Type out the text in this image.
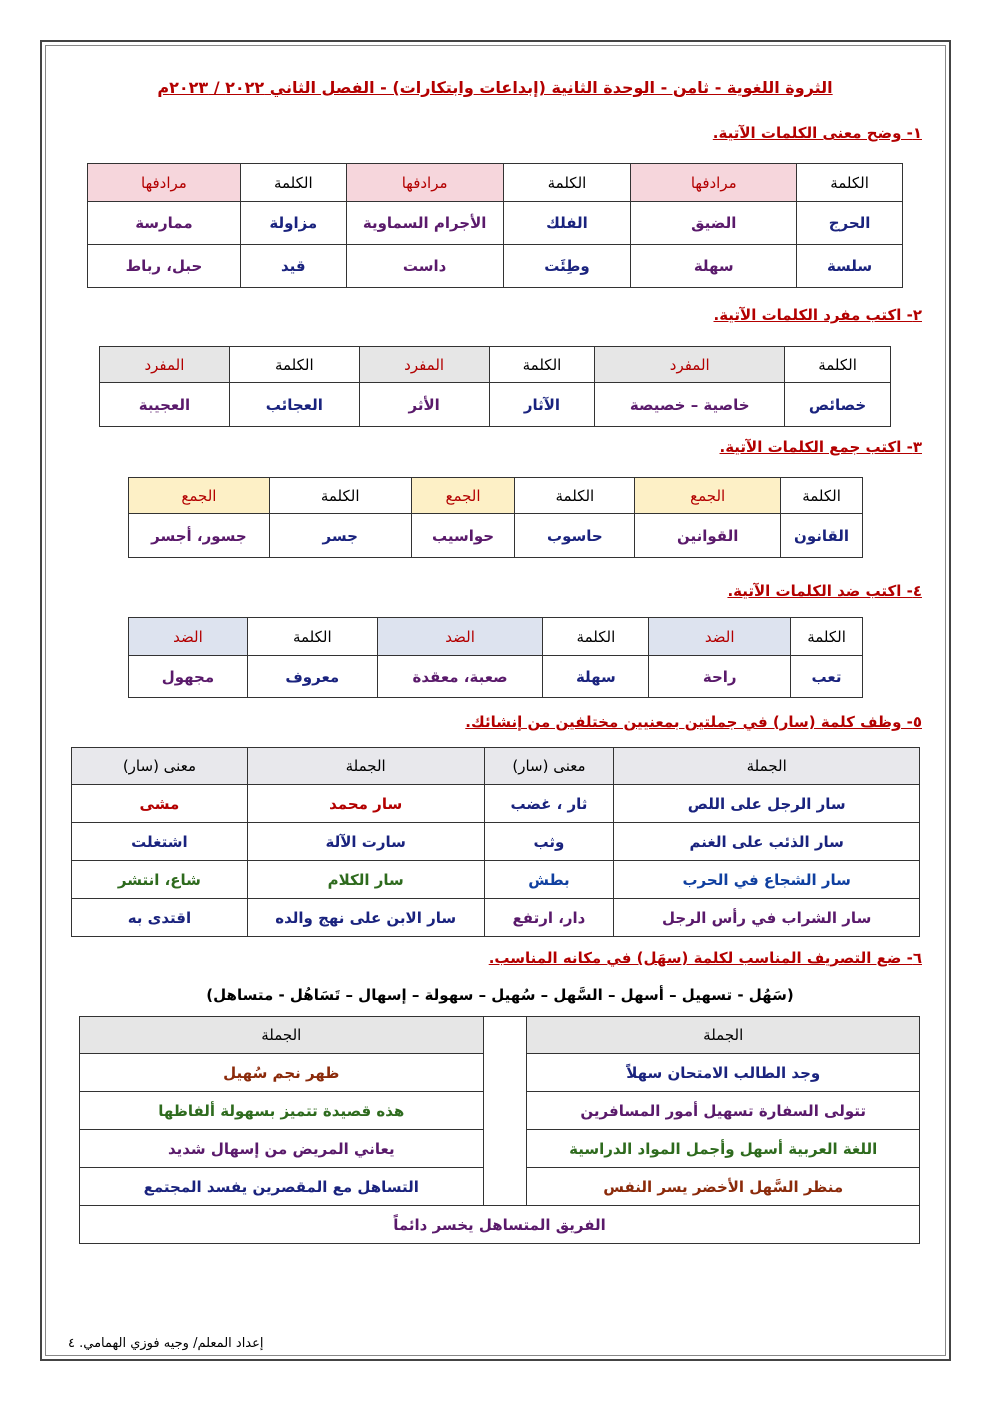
الثروة اللغوية - ثامن - الوحدة الثانية (إبداعات وابتكارات) - الفصل الثاني ٢٠٢٢ / ٢٠٢٣م
١- وضح معنى الكلمات الآتية.
الكلمة	مرادفها	الكلمة	مرادفها	الكلمة	مرادفها
الحرج	الضيق	الفلك	الأجرام السماوية	مزاولة	ممارسة
سلسة	سهلة	وطِئَت	داست	قيد	حبل، رباط
٢- اكتب مفرد الكلمات الآتية.
الكلمة	المفرد	الكلمة	المفرد	الكلمة	المفرد
خصائص	خاصية – خصيصة	الآثار	الأثر	العجائب	العجيبة
٣- اكتب جمع الكلمات الآتية.
الكلمة	الجمع	الكلمة	الجمع	الكلمة	الجمع
القانون	القوانين	حاسوب	حواسيب	جسر	جسور، أجسر
٤- اكتب ضد الكلمات الآتية.
الكلمة	الضد	الكلمة	الضد	الكلمة	الضد
تعب	راحة	سهلة	صعبة، معقدة	معروف	مجهول
٥- وظف كلمة (سار) في جملتين بمعنيين مختلفين من إنشائك.
الجملة	معنى (سار)	الجملة	معنى (سار)
سار الرجل على اللص	ثار ، غضب	سار محمد	مشى
سار الذئب على الغنم	وثب	سارت الآلة	اشتغلت
سار الشجاع في الحرب	بطش	سار الكلام	شاع، انتشر
سار الشراب في رأس الرجل	دار، ارتفع	سار الابن على نهج والده	اقتدى به
٦- ضع التصريف المناسب لكلمة (سهَل) في مكانه المناسب.
(سَهُل - تسهيل – أسهل – السَّهل – سُهيل – سهولة – إسهال – تَسَاهُل - متساهل)
الجملة		الجملة
وجد الطالب الامتحان سهلاً		ظهر نجم سُهيل
تتولى السفارة تسهيل أمور المسافرين		هذه قصيدة تتميز بسهولة ألفاظها
اللغة العربية أسهل وأجمل المواد الدراسية		يعاني المريض من إسهال شديد
منظر السَّهل الأخضر يسر النفس		التساهل مع المقصرين يفسد المجتمع
الفريق المتساهل يخسر دائماً		
إعداد المعلم/ وجيه فوزي الهمامي. ٤
